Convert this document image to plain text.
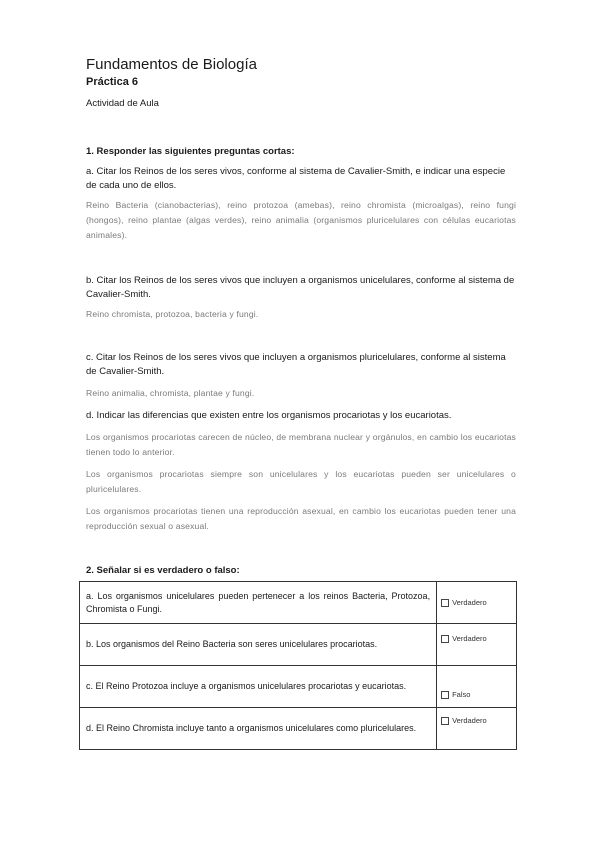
Fundamentos de Biología
Práctica 6
Actividad de Aula
1. Responder las siguientes preguntas cortas:
a. Citar los Reinos de los seres vivos, conforme al sistema de Cavalier-Smith, e indicar una especie de cada uno de ellos.
Reino Bacteria (cianobacterias), reino protozoa (amebas), reino chromista (microalgas), reino fungi (hongos), reino plantae (algas verdes), reino animalia (organismos pluricelulares con células eucariotas animales).
b. Citar los Reinos de los seres vivos que incluyen a organismos unicelulares, conforme al sistema de Cavalier-Smith.
Reino chromista, protozoa, bacteria y fungi.
c. Citar los Reinos de los seres vivos que incluyen a organismos pluricelulares, conforme al sistema de Cavalier-Smith.
Reino animalia, chromista, plantae y fungi.
d. Indicar las diferencias que existen entre los organismos procariotas y los eucariotas.
Los organismos procariotas carecen de núcleo, de membrana nuclear y orgánulos, en cambio los eucariotas tienen todo lo anterior.
Los organismos procariotas siempre son unicelulares y los eucariotas pueden ser unicelulares o pluricelulares.
Los organismos procariotas tienen una reproducción asexual, en cambio los eucariotas pueden tener una reproducción sexual o asexual.
2. Señalar si es verdadero o falso:
a. Los organismos unicelulares pueden pertenecer a los reinos Bacteria, Protozoa, Chromista o Fungi.	Verdadero
b. Los organismos del Reino Bacteria son seres unicelulares procariotas.	Verdadero
c. El Reino Protozoa incluye a organismos unicelulares procariotas y eucariotas.	Falso
d. El Reino Chromista incluye tanto a organismos unicelulares como pluricelulares.	Verdadero
